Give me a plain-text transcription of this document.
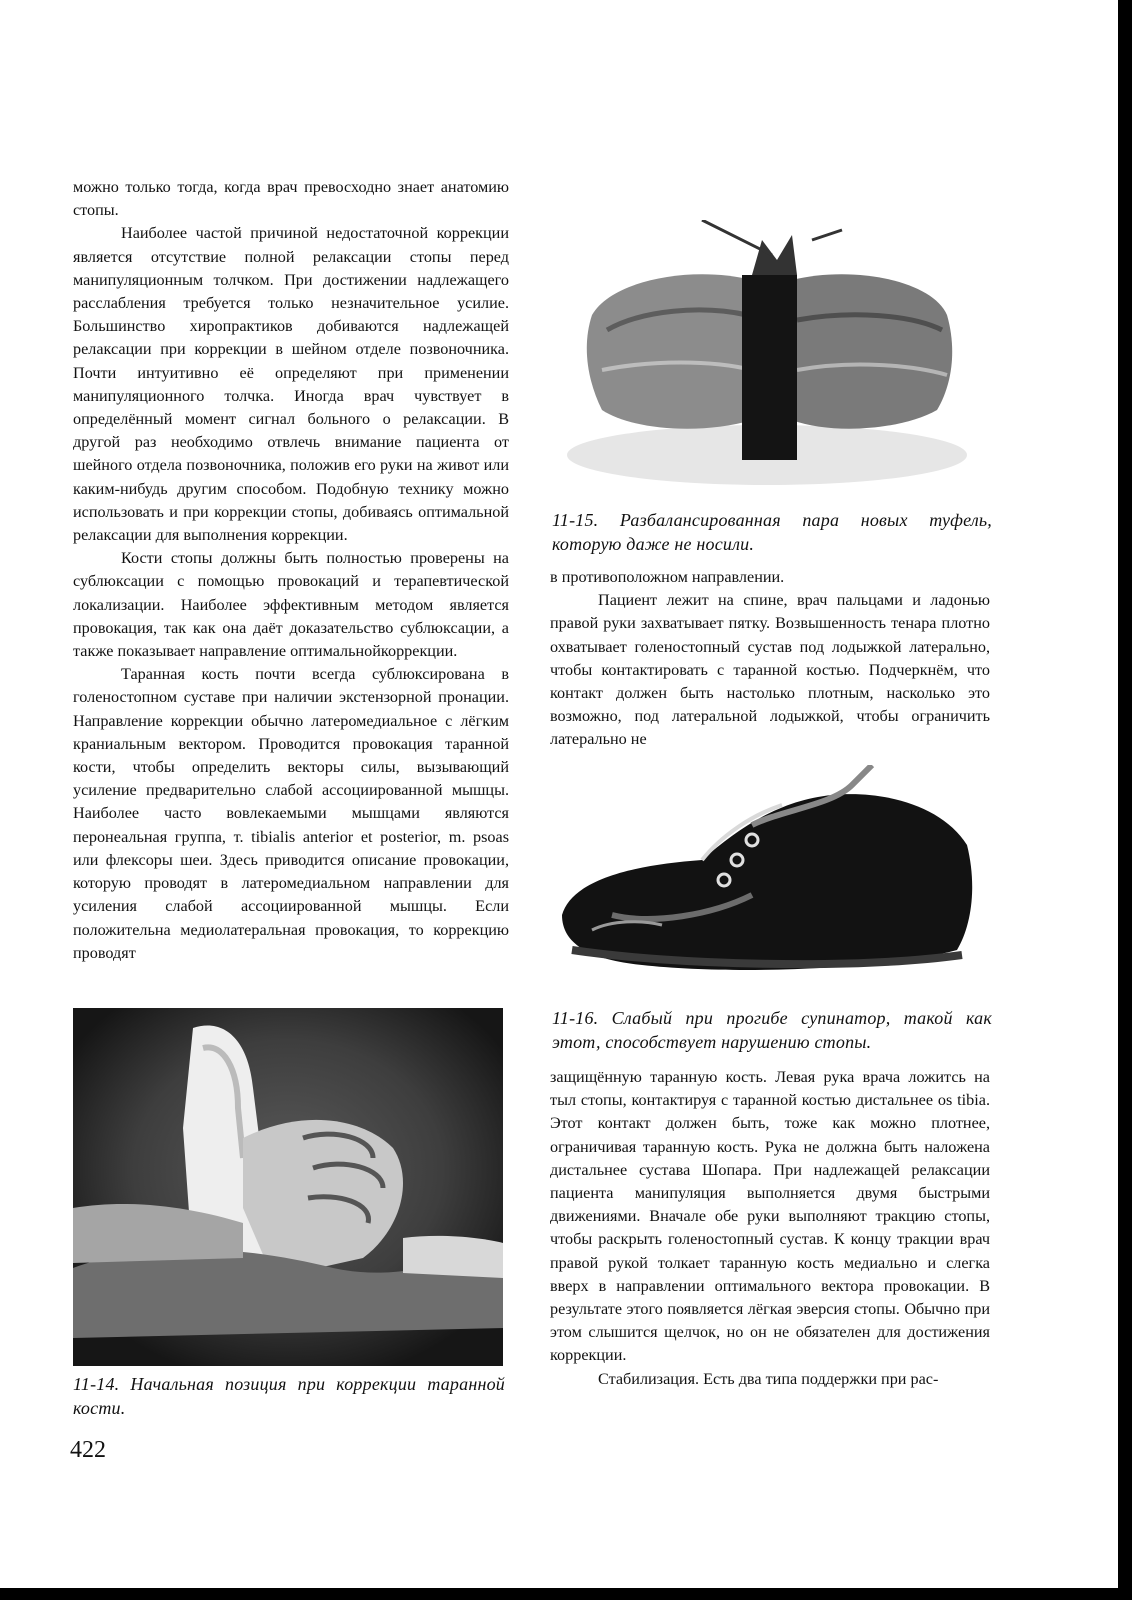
можно только тогда, когда врач превосходно знает анатомию стопы.

Наиболее частой причиной недостаточной коррекции является отсутствие полной релаксации стопы перед манипуляционным толчком. При достижении надлежащего расслабления требуется только незначительное усилие. Большинство хиропрактиков добиваются надлежащей релаксации при коррекции в шейном отделе позвоночника. Почти интуитивно её определяют при применении манипуляционного толчка. Иногда врач чувствует в определённый момент сигнал больного о релаксации. В другой раз необходимо отвлечь внимание пациента от шейного отдела позвоночника, положив его руки на живот или каким-нибудь другим способом. Подобную технику можно использовать и при коррекции стопы, добиваясь оптимальной релаксации для выполнения коррекции.

Кости стопы должны быть полностью проверены на сублюксации с помощью провокаций и терапевтической локализации. Наиболее эффективным методом является провокация, так как она даёт доказательство сублюксации, а также показывает направление оптимальнойкоррекции.

Таранная кость почти всегда сублюксирована в голеностопном суставе при наличии экстензорной пронации. Направление коррекции обычно латеромедиальное с лёгким краниальным вектором. Проводится провокация таранной кости, чтобы определить векторы силы, вызывающий усиление предварительно слабой ассоциированной мышцы. Наиболее часто вовлекаемыми мышцами являются перонеальная группа, т. tibialis anterior et posterior, m. psoas или флексоры шеи. Здесь приводится описание провокации, которую проводят в латеромедиальном направлении для усиления слабой ассоциированной мышцы. Если положительна медиолатеральная провокация, то коррекцию проводят

11-14. Начальная позиция при коррекции таранной кости.
11-15. Разбалансированная пара новых туфель, которую даже не носили.

в противоположном направлении.

Пациент лежит на спине, врач пальцами и ладонью правой руки захватывает пятку. Возвышенность тенара плотно охватывает голеностопный сустав под лодыжкой латерально, чтобы контактировать с таранной костью. Подчеркнём, что контакт должен быть настолько плотным, насколько это возможно, под латеральной лодыжкой, чтобы ограничить латерально не

11-16. Слабый при прогибе супинатор, такой как этот, способствует нарушению стопы.

защищённую таранную кость. Левая рука врача ложитсь на тыл стопы, контактируя с таранной костью дистальнее os tibia. Этот контакт должен быть, тоже как можно плотнее, ограничивая таранную кость. Рука не должна быть наложена дистальнее сустава Шопара. При надлежащей релаксации пациента манипуляция выполняется двумя быстрыми движениями. Вначале обе руки выполняют тракцию стопы, чтобы раскрыть голеностопный сустав. К концу тракции врач правой рукой толкает таранную кость медиально и слегка вверх в направлении оптимального вектора провокации. В результате этого появляется лёгкая эверсия стопы. Обычно при этом слышится щелчок, но он не обязателен для достижения коррекции.

Стабилизация. Есть два типа поддержки при рас-

422
